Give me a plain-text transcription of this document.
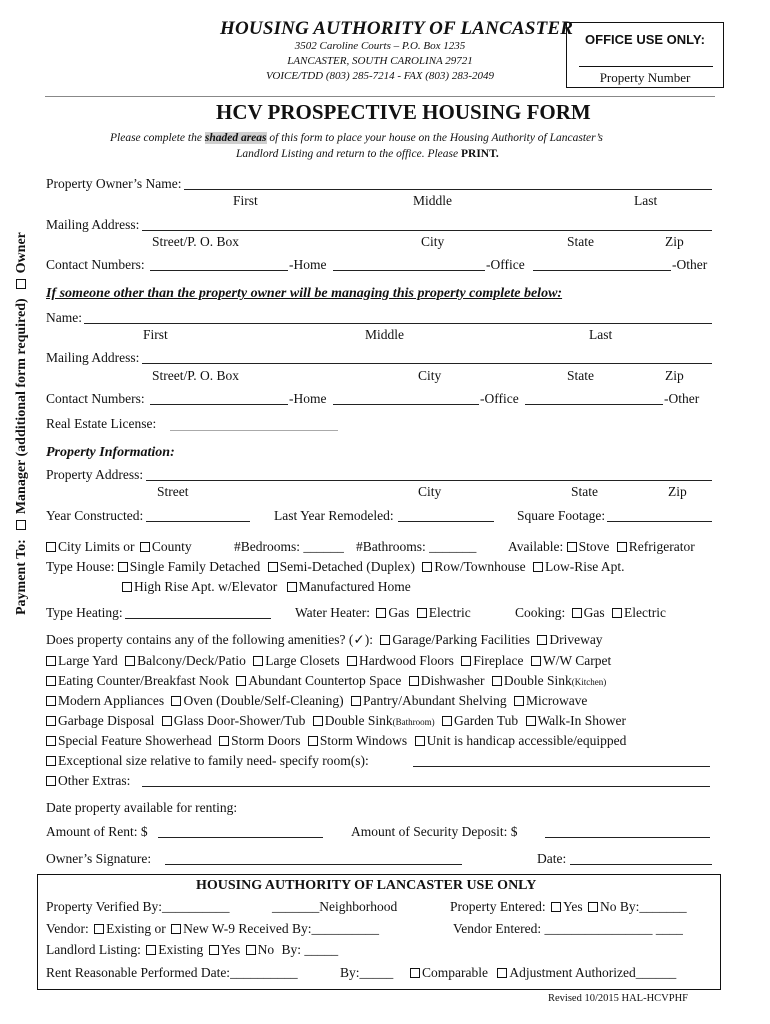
HOUSING AUTHORITY OF LANCASTER
3502 Caroline Courts – P.O. Box 1235
LANCASTER, SOUTH CAROLINA 29721
VOICE/TDD (803) 285-7214 - FAX (803) 283-2049
OFFICE USE ONLY:
Property Number
HCV PROSPECTIVE HOUSING FORM
Please complete the shaded areas of this form to place your house on the Housing Authority of Lancaster’s
Landlord Listing and return to the office. Please PRINT.
Payment To:  Manager (additional form required)  Owner
Property Owner’s Name:
First	Middle	Last
Mailing Address:
Street/P. O. Box	City	State	Zip
Contact Numbers:	-Home	-Office	-Other
If someone other than the property owner will be managing this property complete below:
Name:
First	Middle	Last
Mailing Address:
Street/P. O. Box	City	State	Zip
Contact Numbers:	-Home	-Office	-Other
Real Estate License:
Property Information:
Property Address:
Street	City	State	Zip
Year Constructed:	Last Year Remodeled:	Square Footage:
City Limits or County	#Bedrooms: ______ #Bathrooms: _______ Available: Stove Refrigerator
Type House: Single Family Detached Semi-Detached (Duplex) Row/Townhouse Low-Rise Apt.
High Rise Apt. w/Elevator Manufactured Home
Type Heating:	Water Heater: Gas Electric	Cooking: Gas Electric
Does property contains any of the following amenities? (✓): Garage/Parking Facilities Driveway
Large Yard Balcony/Deck/Patio Large Closets Hardwood Floors Fireplace W/W Carpet
Eating Counter/Breakfast Nook Abundant Countertop Space Dishwasher Double Sink(Kitchen)
Modern Appliances Oven (Double/Self-Cleaning) Pantry/Abundant Shelving Microwave
Garbage Disposal Glass Door-Shower/Tub Double Sink(Bathroom) Garden Tub Walk-In Shower
Special Feature Showerhead Storm Doors Storm Windows Unit is handicap accessible/equipped
Exceptional size relative to family need- specify room(s):
Other Extras:
Date property available for renting:
Amount of Rent: $	Amount of Security Deposit: $
Owner’s Signature:	Date:
HOUSING AUTHORITY OF LANCASTER USE ONLY
Property Verified By:__________	_______Neighborhood	Property Entered: Yes No By:_______
Vendor: Existing or New W-9 Received By:__________	Vendor Entered: ________________ ____
Landlord Listing: Existing Yes No By: _____
Rent Reasonable Performed Date:__________	By:_____	Comparable Adjustment Authorized______
Revised 10/2015 HAL-HCVPHF
